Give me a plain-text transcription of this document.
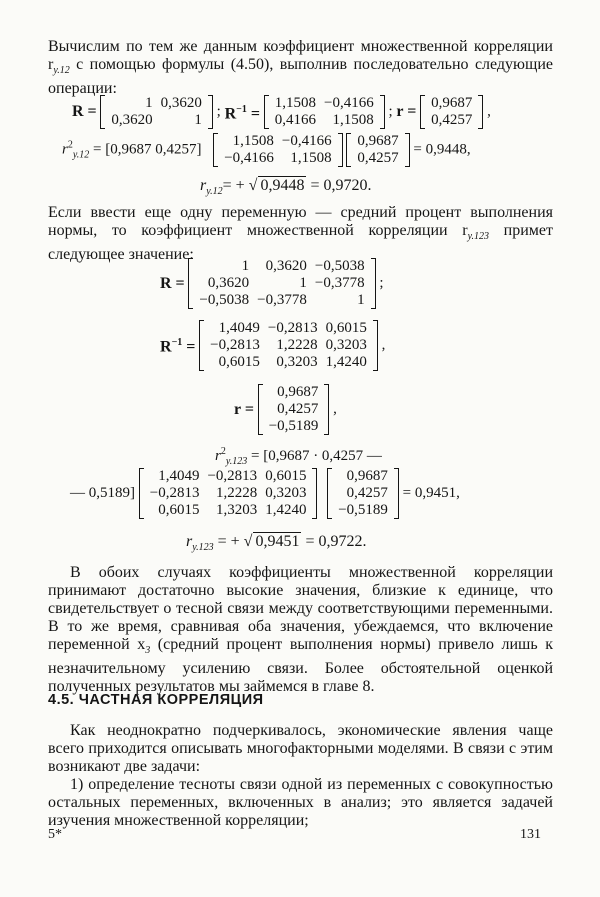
Вычислим по тем же данным коэффициент множественной корреляции $r_{y.12}$ с помощью формулы (4.50), выполнив последовательно следующие операции:

R =	1	0,3620
0,3620	1
; $R^{-1}$ =
1,1508	−0,4166
0,4166	1,1508
; r = 0,9687
0,4257
,
$r^2_{y.12} = [0,9687$ 0,4257]
1,1508	−0,4166
−0,4166	1,1508

0,9687
0,4257
= 0,9448,
$r_{y.12}=$ + √ 0,9448 = 0,9720.

Если ввести еще одну переменную — средний процент выполнения нормы, то коэффициент множественной корреляции $r_{y.123}$ примет следующее значение:

R =
1	0,3620	−0,5038
0,3620	1	−0,3778
−0,5038	−0,3778	1
;
$R^{-1}$ =
1,4049	−0,2813	0,6015
−0,2813	1,2228	0,3203
0,6015	0,3203	1,4240
,
r =
0,9687
0,4257
−0,5189
,
$r^2_{y.123} = [0,9687 \cdot 0,4257$ —
— 0,5189]
1,4049	−0,2813	0,6015
−0,2813	1,2228	0,3203
0,6015	1,3203	1,4240

0,9687
0,4257
−0,5189
= 0,9451,
$r_{y.123}$ = + √ 0,9451 = 0,9722.

В обоих случаях коэффициенты множественной корреляции принимают достаточно высокие значения, близкие к единице, что свидетельствует о тесной связи между соответствующими переменными. В то же время, сравнивая оба значения, убеждаемся, что включение переменной $x_3$ (средний процент выполнения нормы) привело лишь к незначительному усилению связи. Более обстоятельной оценкой полученных результатов мы займемся в главе 8.

4.5. ЧАСТНАЯ КОРРЕЛЯЦИЯ

Как неоднократно подчеркивалось, экономические явления чаще всего приходится описывать многофакторными моделями. В связи с этим возникают две задачи:

1) определение тесноты связи одной из переменных с совокупностью остальных переменных, включенных в анализ; это является задачей изучения множественной корреляции;

5*	131
